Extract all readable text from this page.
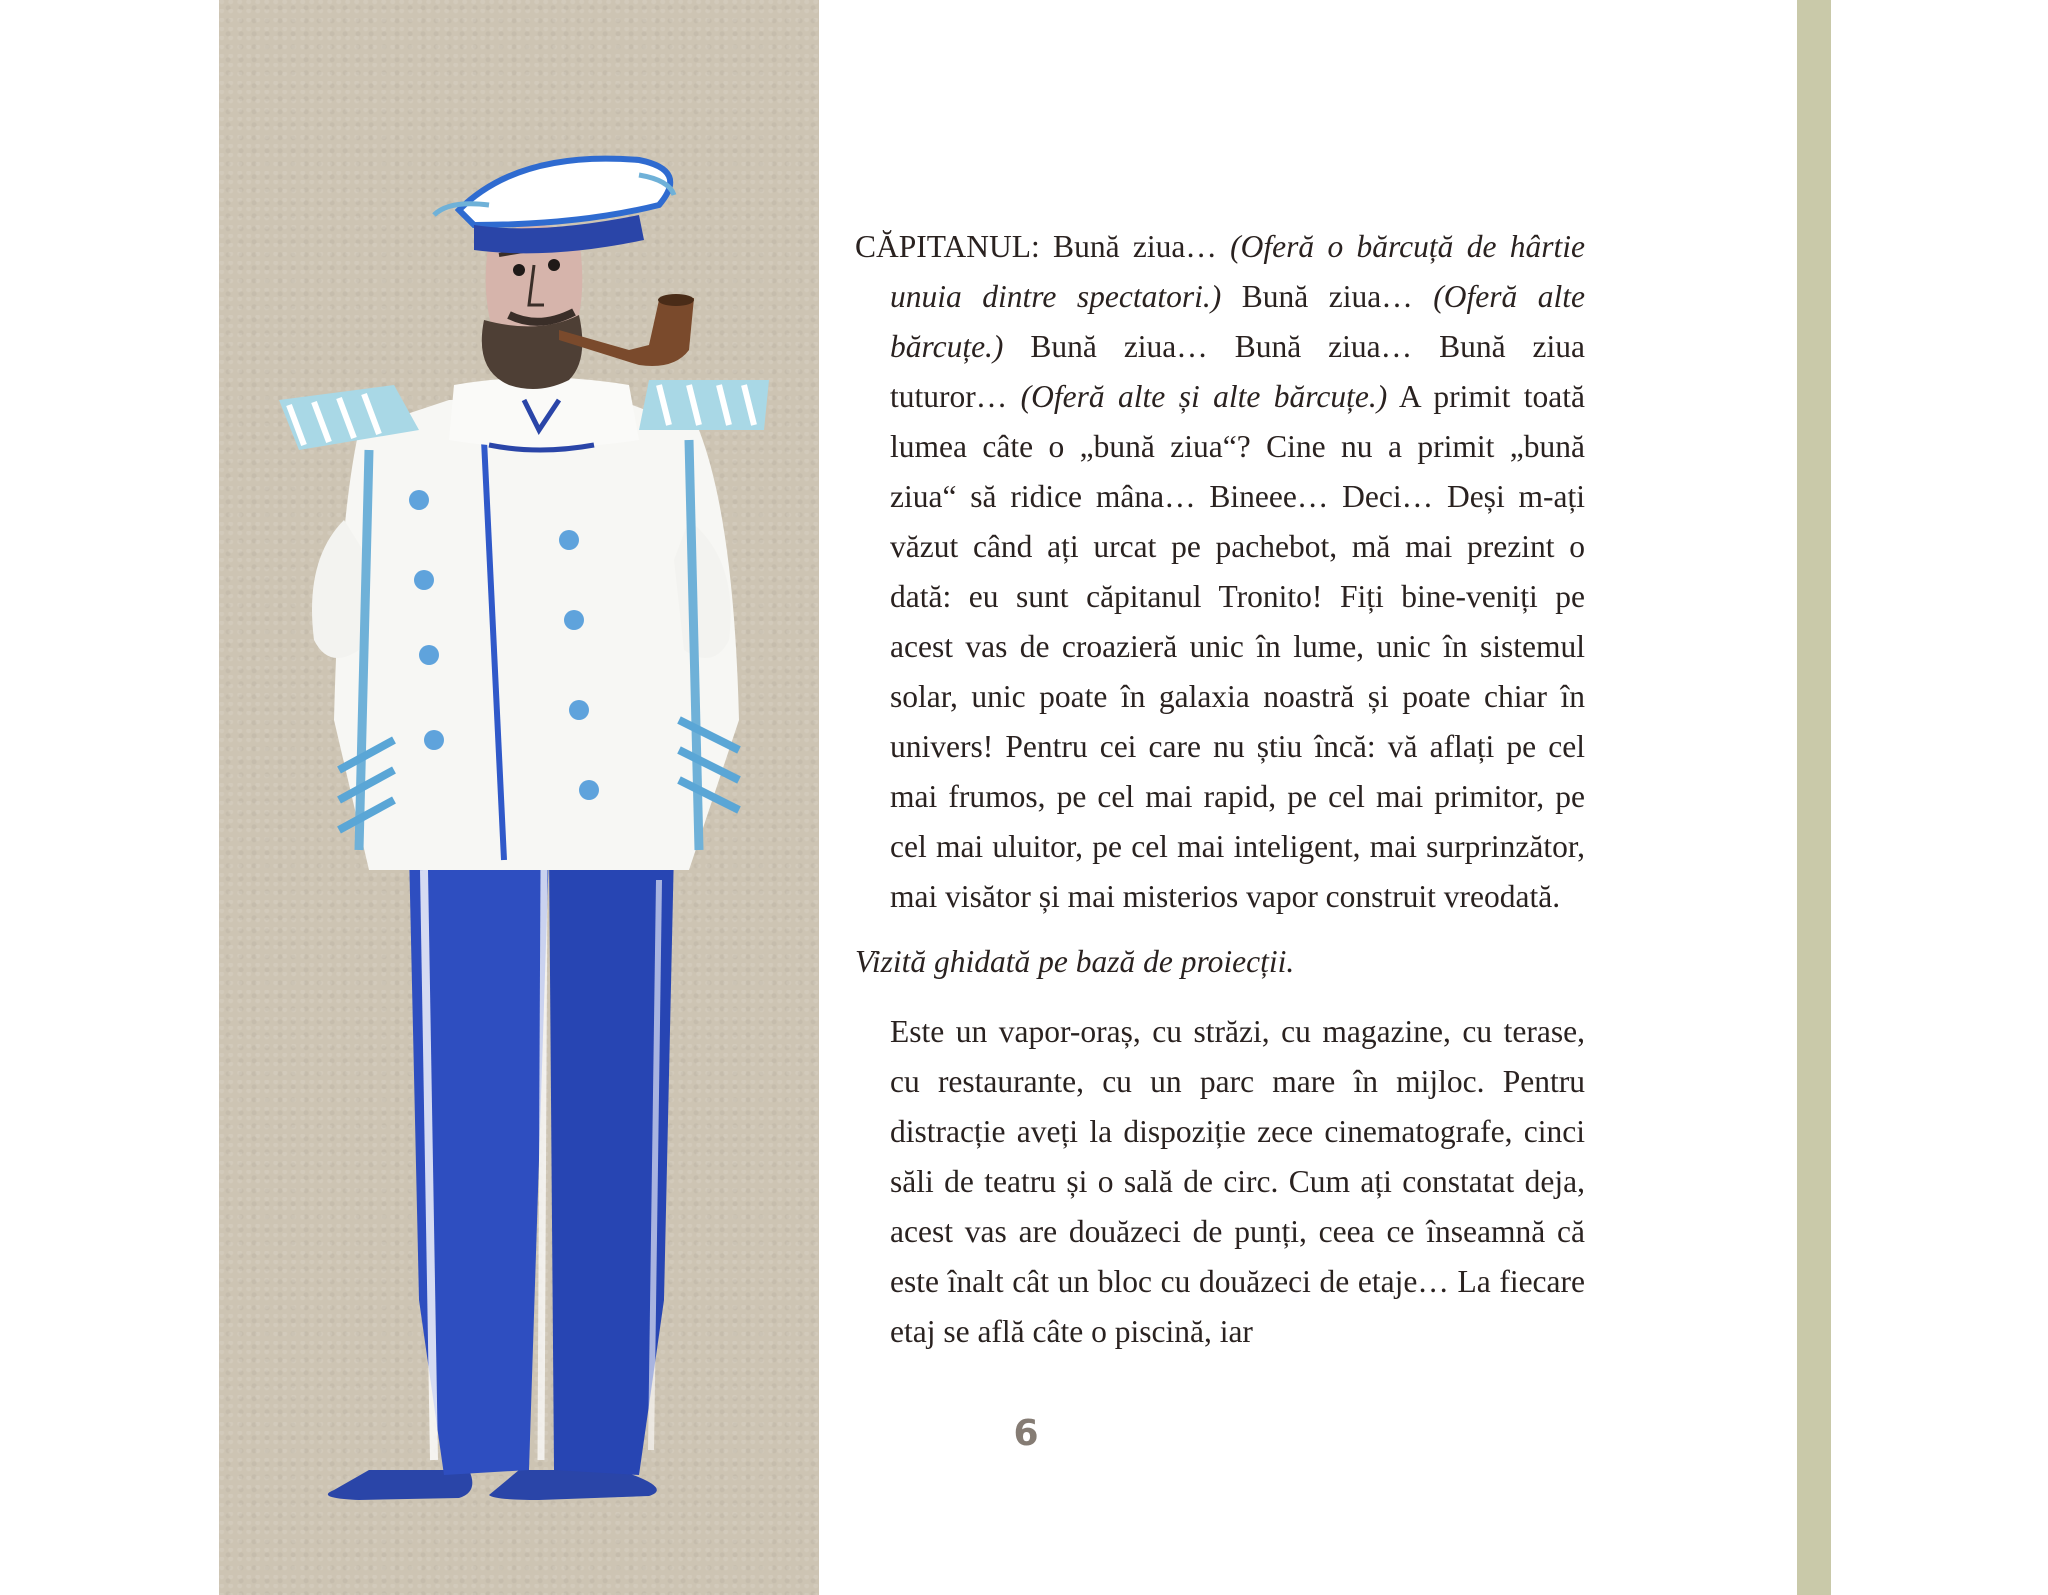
CĂPITANUL: Bună ziua… (Oferă o bărcuță de hârtie unuia dintre spectatori.) Bună ziua… (Oferă alte bărcuțe.) Bună ziua… Bună ziua… Bună ziua tuturor… (Oferă alte și alte bărcuțe.) A primit toată lumea câte o „bună ziua“? Cine nu a primit „bună ziua“ să ridice mâna… Bineee… Deci… Deși m-ați văzut când ați urcat pe pachebot, mă mai prezint o dată: eu sunt căpitanul Tronito! Fiți bine-veniți pe acest vas de croazieră unic în lume, unic în sistemul solar, unic poate în galaxia noastră și poate chiar în univers! Pentru cei care nu știu încă: vă aflați pe cel mai frumos, pe cel mai rapid, pe cel mai primitor, pe cel mai uluitor, pe cel mai inteligent, mai surprinzător, mai visător și mai misterios vapor construit vreodată.

Vizită ghidată pe bază de proiecții.

Este un vapor-oraș, cu străzi, cu magazine, cu terase, cu restaurante, cu un parc mare în mijloc. Pentru distracție aveți la dispoziție zece cinematografe, cinci săli de teatru și o sală de circ. Cum ați constatat deja, acest vas are douăzeci de punți, ceea ce înseamnă că este înalt cât un bloc cu douăzeci de etaje… La fiecare etaj se află câte o piscină, iar

6
